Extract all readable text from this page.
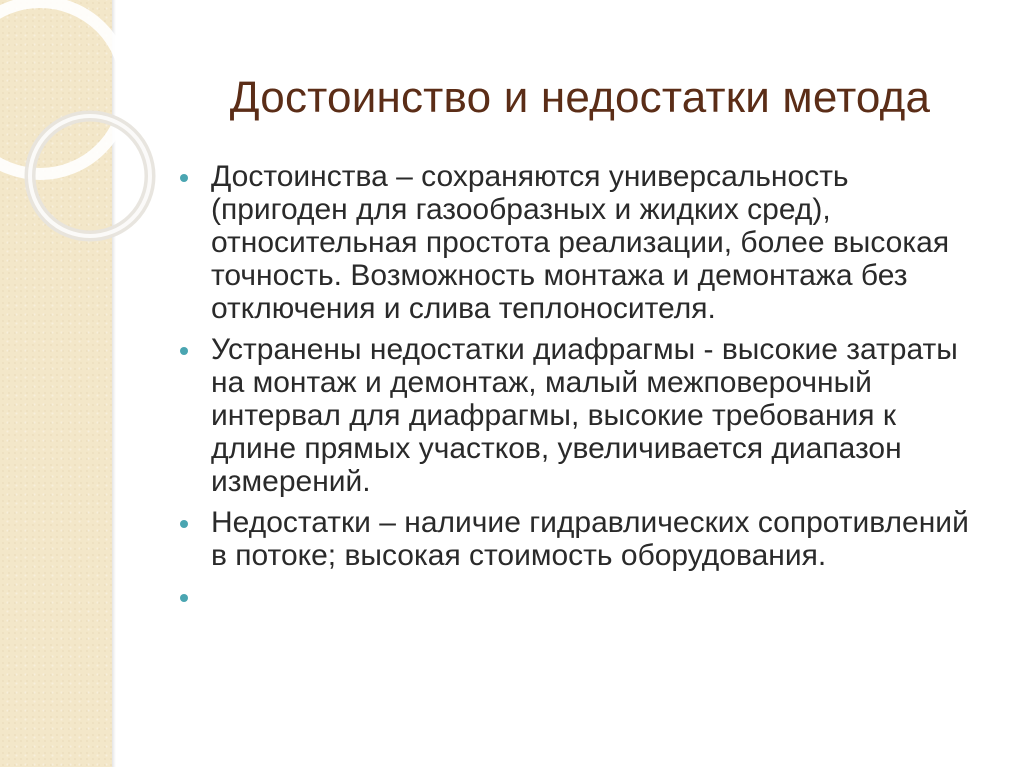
Достоинство и недостатки метода
Достоинства – сохраняются универсальность (пригоден для газообразных и жидких сред), относительная простота реализации, более высокая точность. Возможность монтажа и демонтажа без отключения и слива теплоносителя.
Устранены недостатки диафрагмы - высокие затраты на монтаж и демонтаж, малый межповерочный интервал для диафрагмы, высокие требования к длине прямых участков, увеличивается диапазон измерений.
Недостатки – наличие гидравлических сопротивлений в потоке; высокая стоимость оборудования.
